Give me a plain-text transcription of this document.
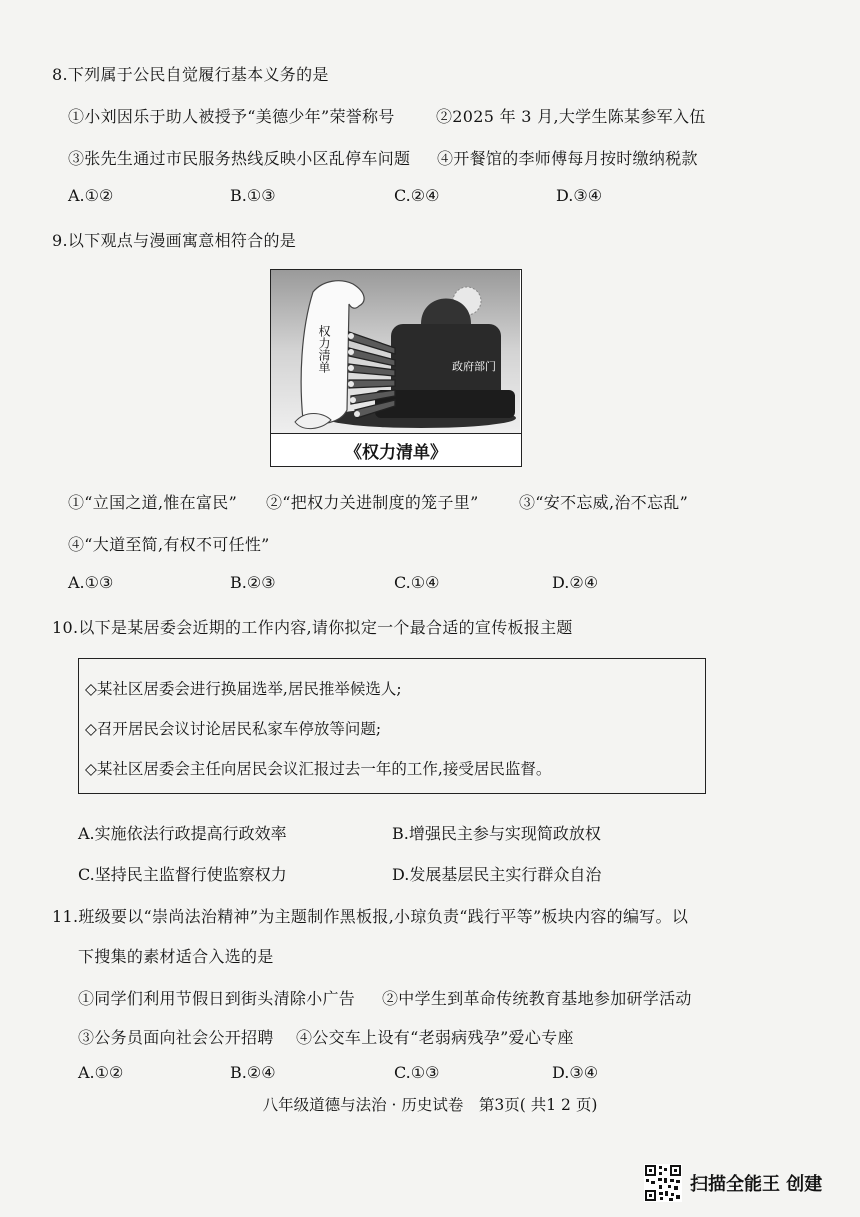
8.下列属于公民自觉履行基本义务的是
①小刘因乐于助人被授予“美德少年”荣誉称号	②2025 年 3 月,大学生陈某参军入伍
③张先生通过市民服务热线反映小区乱停车问题 ④开餐馆的李师傅每月按时缴纳税款
A.①②	B.①③	C.②④	D.③④
9.以下观点与漫画寓意相符合的是
权力清单	政府部门
《权力清单》
①“立国之道,惟在富民” ②“把权力关进制度的笼子里”	③“安不忘威,治不忘乱”
④“大道至简,有权不可任性”
A.①③	B.②③	C.①④	D.②④
10.以下是某居委会近期的工作内容,请你拟定一个最合适的宣传板报主题
◇某社区居委会进行换届选举,居民推举候选人;
◇召开居民会议讨论居民私家车停放等问题;
◇某社区居委会主任向居民会议汇报过去一年的工作,接受居民监督。
A.实施依法行政提高行政效率	B.增强民主参与实现简政放权
C.坚持民主监督行使监察权力	D.发展基层民主实行群众自治
11.班级要以“崇尚法治精神”为主题制作黑板报,小琼负责“践行平等”板块内容的编写。以
下搜集的素材适合入选的是
①同学们利用节假日到街头清除小广告 ②中学生到革命传统教育基地参加研学活动
③公务员面向社会公开招聘 ④公交车上设有“老弱病残孕”爱心专座
A.①②	B.②④	C.①③	D.③④
八年级道德与法治 · 历史试卷　第3页( 共1 2 页)
扫描全能王 创建
